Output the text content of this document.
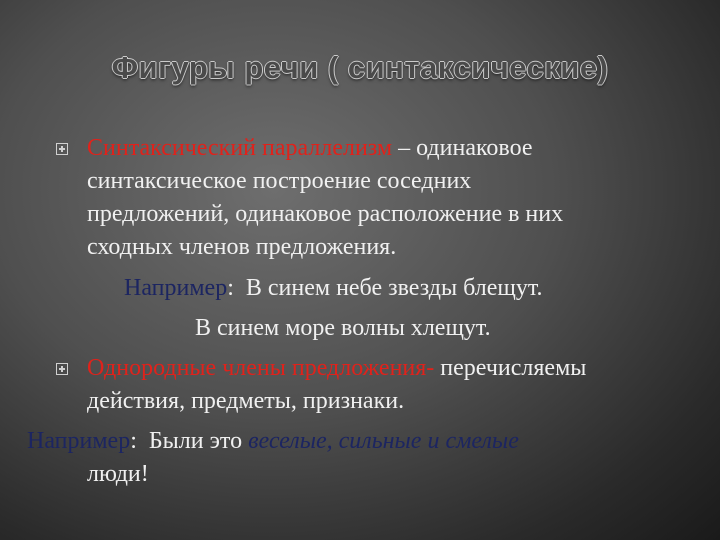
Фигуры речи ( синтаксические)
Синтаксический параллелизм – одинаковое
синтаксическое построение соседних
предложений, одинаковое расположение в них
сходных членов предложения.
Например:  В синем небе звезды блещут.
В синем море волны хлещут.
Однородные члены предложения- перечисляемы
действия, предметы, признаки.
Например:  Были это веселые, сильные и смелые
люди!
